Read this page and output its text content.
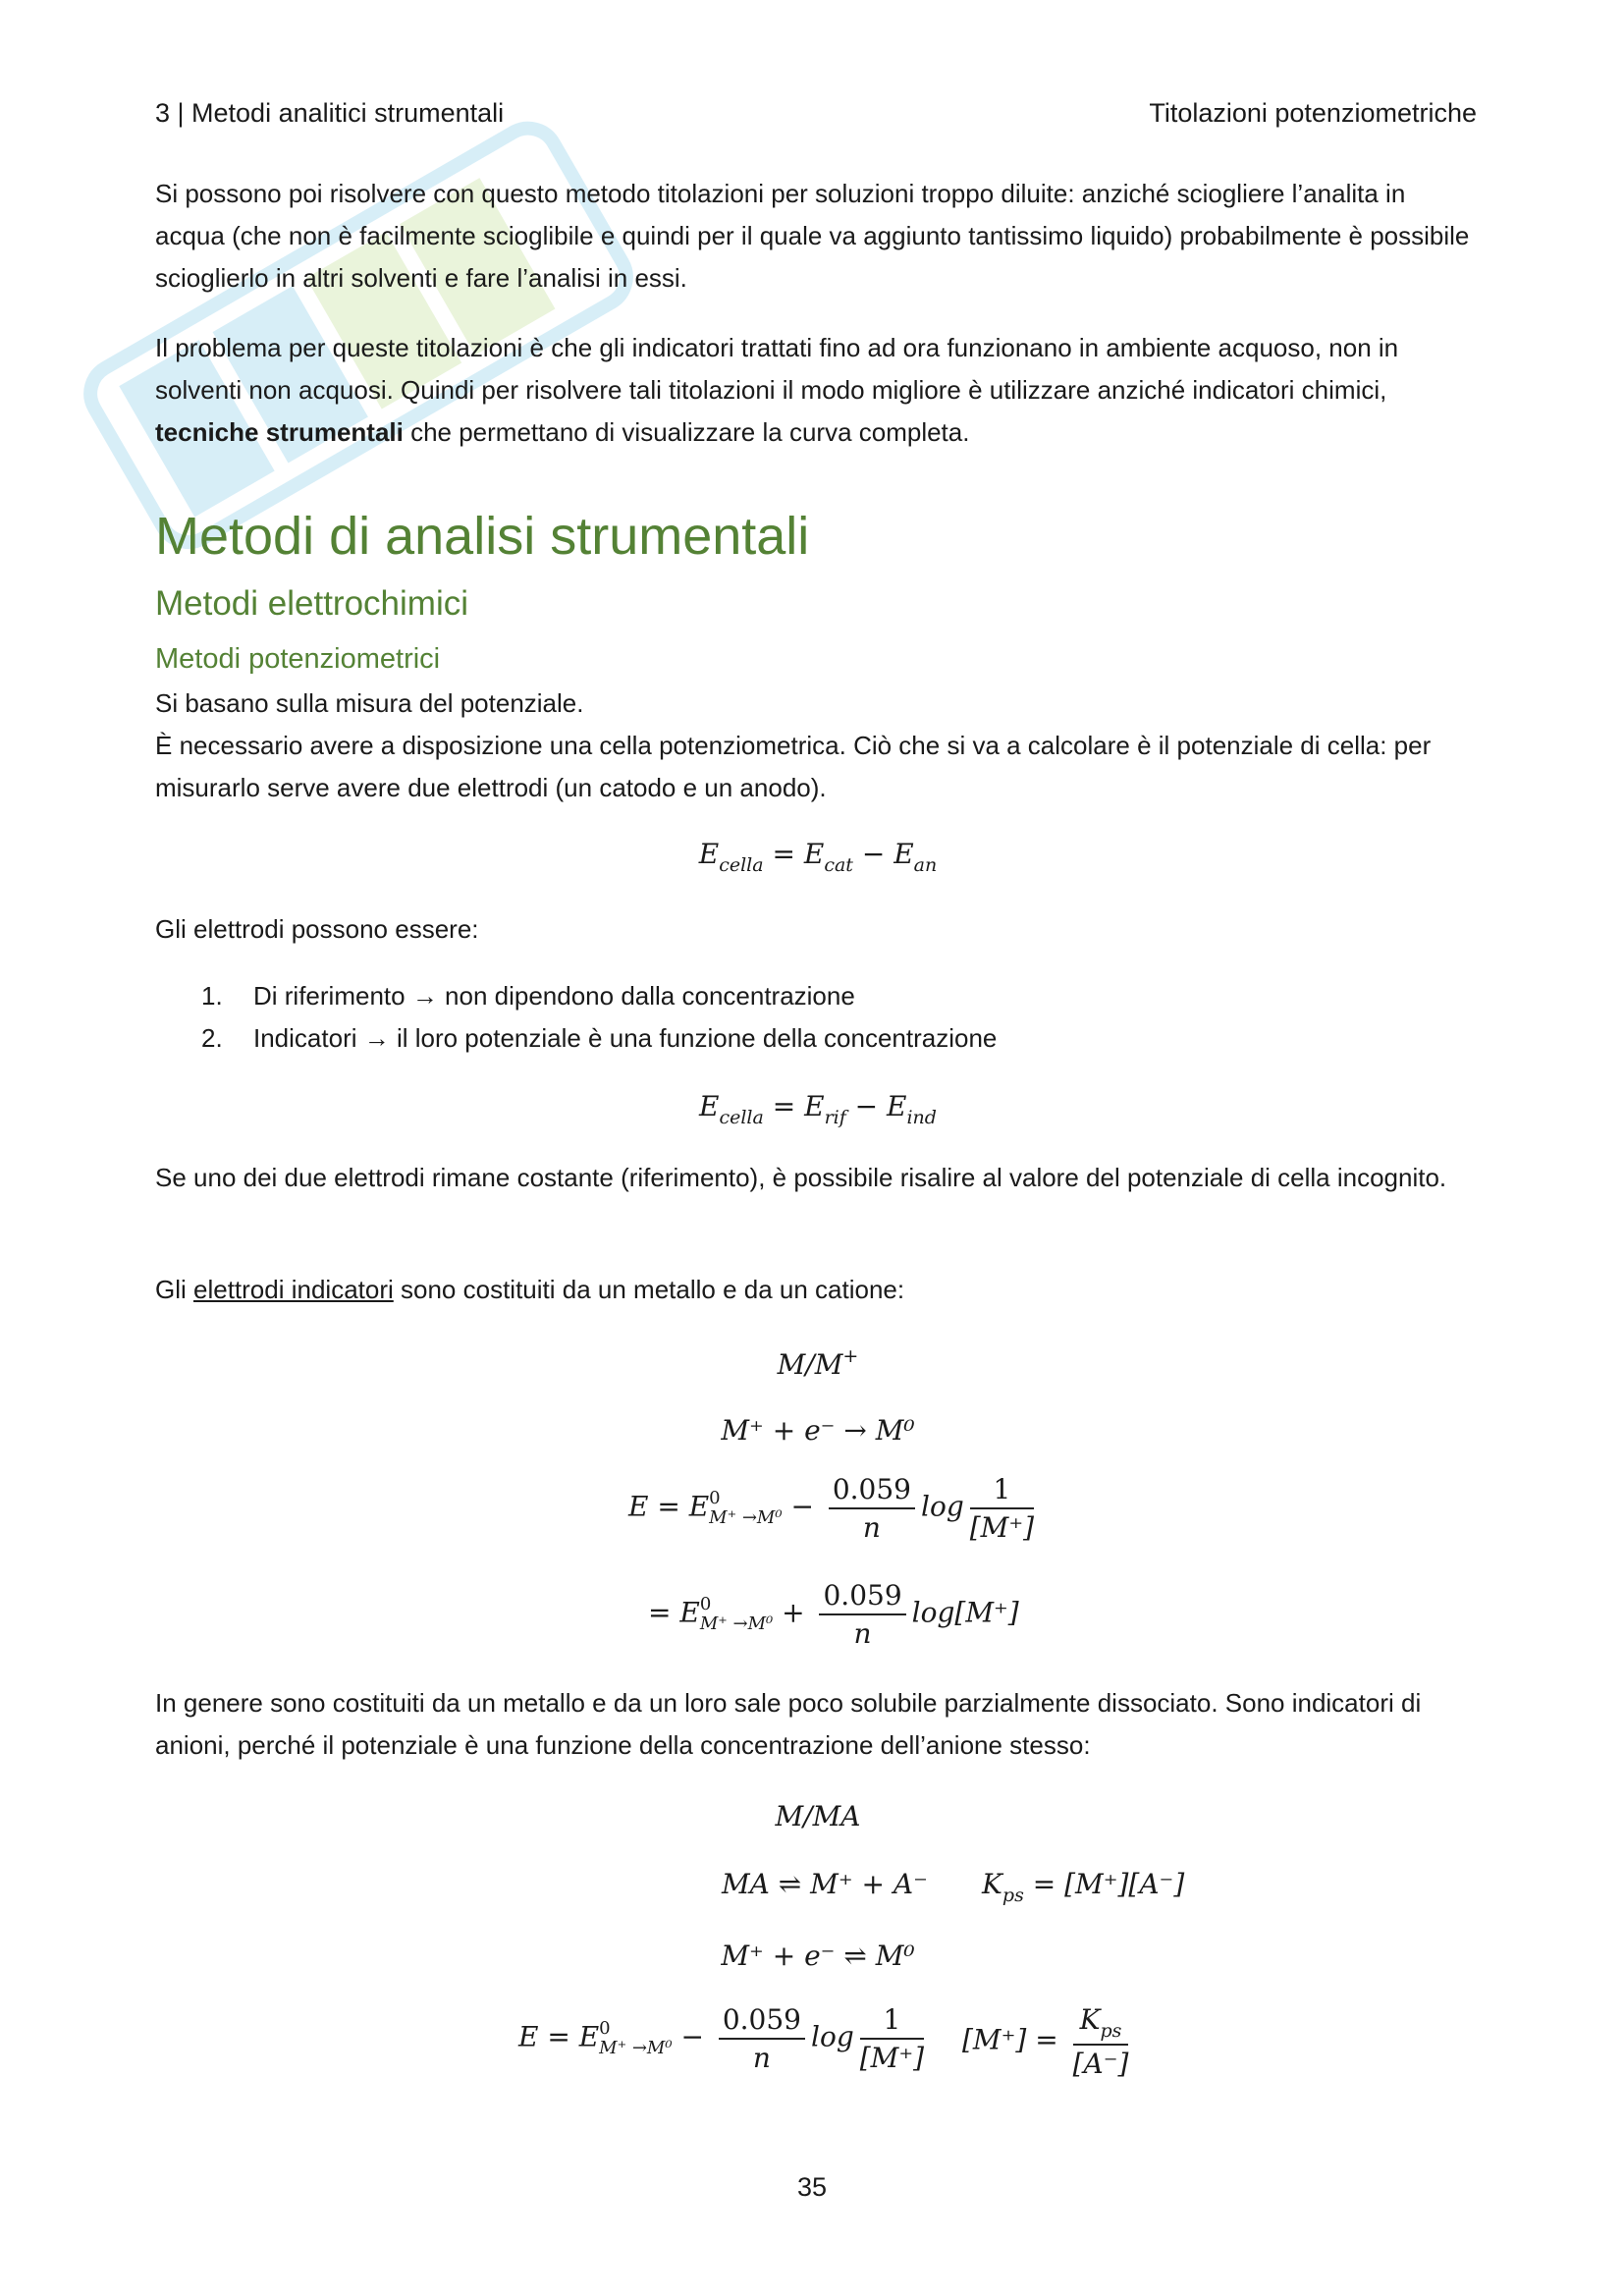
3 | Metodi analitici strumentali	Titolazioni potenziometriche
Si possono poi risolvere con questo metodo titolazioni per soluzioni troppo diluite: anziché sciogliere l’analita in acqua (che non è facilmente scioglibile e quindi per il quale va aggiunto tantissimo liquido) probabilmente è possibile scioglierlo in altri solventi e fare l’analisi in essi.
Il problema per queste titolazioni è che gli indicatori trattati fino ad ora funzionano in ambiente acquoso, non in solventi non acquosi. Quindi per risolvere tali titolazioni il modo migliore è utilizzare anziché indicatori chimici, tecniche strumentali che permettano di visualizzare la curva completa.
Metodi di analisi strumentali
Metodi elettrochimici
Metodi potenziometrici
Si basano sulla misura del potenziale.
È necessario avere a disposizione una cella potenziometrica. Ciò che si va a calcolare è il potenziale di cella: per misurarlo serve avere due elettrodi (un catodo e un anodo).
$E_{cella} = E_{cat} - E_{an}$
Gli elettrodi possono essere:
1. Di riferimento → non dipendono dalla concentrazione
2. Indicatori → il loro potenziale è una funzione della concentrazione
$E_{cella} = E_{rif} - E_{ind}$
Se uno dei due elettrodi rimane costante (riferimento), è possibile risalire al valore del potenziale di cella incognito.
Gli elettrodi indicatori sono costituiti da un metallo e da un catione:
M/M+
M⁺ + e⁻ → M⁰
E = E 0
$M^+ \to M^0 - \frac{0.059}{n}$ $\log \frac{1}{[M^+]}$
= E 0
$M^+ \to M^0 + \frac{0.059}{n} \log[M^+]$
In genere sono costituiti da un metallo e da un loro sale poco solubile parzialmente dissociato. Sono indicatori di anioni, perché il potenziale è una funzione della concentrazione dell’anione stesso:
M/MA
MA ⇌ M⁺ + A⁻ $K_{ps} = [M^+][A^-]$
M⁺ + e⁻ ⇌ M⁰
E = E 0
$M^+ \to M^0 - \frac{0.059}{n}$ $\log \frac{1}{[M^+]} [M^+] = \frac{K_{ps}}{[A^-]}$
35
